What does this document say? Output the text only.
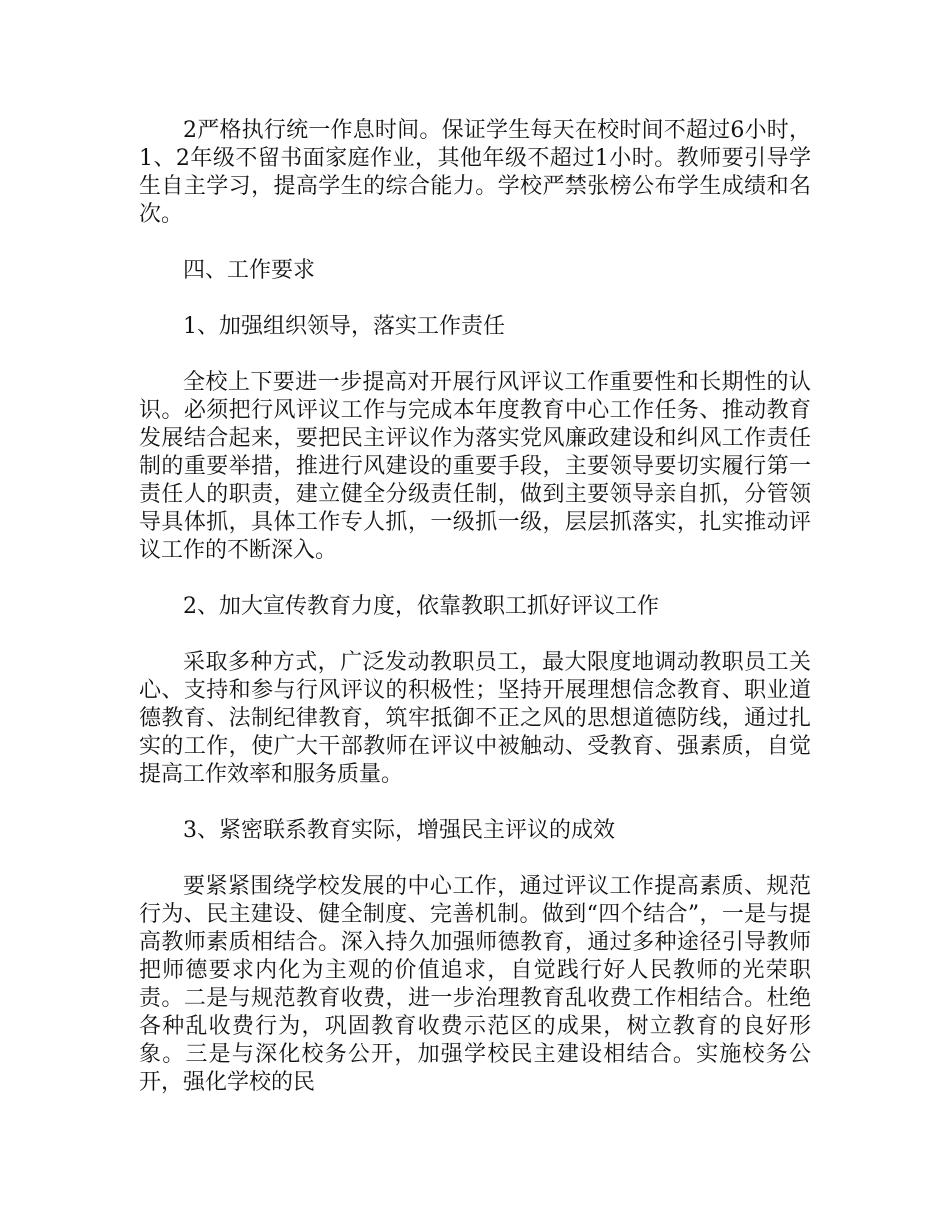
2严格执行统一作息时间。保证学生每天在校时间不超过6小时，1、2年级不留书面家庭作业，其他年级不超过1小时。教师要引导学生自主学习，提高学生的综合能力。学校严禁张榜公布学生成绩和名次。

四、工作要求

1、加强组织领导，落实工作责任

全校上下要进一步提高对开展行风评议工作重要性和长期性的认识。必须把行风评议工作与完成本年度教育中心工作任务、推动教育发展结合起来，要把民主评议作为落实党风廉政建设和纠风工作责任制的重要举措，推进行风建设的重要手段，主要领导要切实履行第一责任人的职责，建立健全分级责任制，做到主要领导亲自抓，分管领导具体抓，具体工作专人抓，一级抓一级，层层抓落实，扎实推动评议工作的不断深入。

2、加大宣传教育力度，依靠教职工抓好评议工作

采取多种方式，广泛发动教职员工，最大限度地调动教职员工关心、支持和参与行风评议的积极性；坚持开展理想信念教育、职业道德教育、法制纪律教育，筑牢抵御不正之风的思想道德防线，通过扎实的工作，使广大干部教师在评议中被触动、受教育、强素质，自觉提高工作效率和服务质量。

3、紧密联系教育实际，增强民主评议的成效

要紧紧围绕学校发展的中心工作，通过评议工作提高素质、规范行为、民主建设、健全制度、完善机制。做到“四个结合”，一是与提高教师素质相结合。深入持久加强师德教育，通过多种途径引导教师把师德要求内化为主观的价值追求，自觉践行好人民教师的光荣职责。二是与规范教育收费，进一步治理教育乱收费工作相结合。杜绝各种乱收费行为，巩固教育收费示范区的成果，树立教育的良好形象。三是与深化校务公开，加强学校民主建设相结合。实施校务公开，强化学校的民
